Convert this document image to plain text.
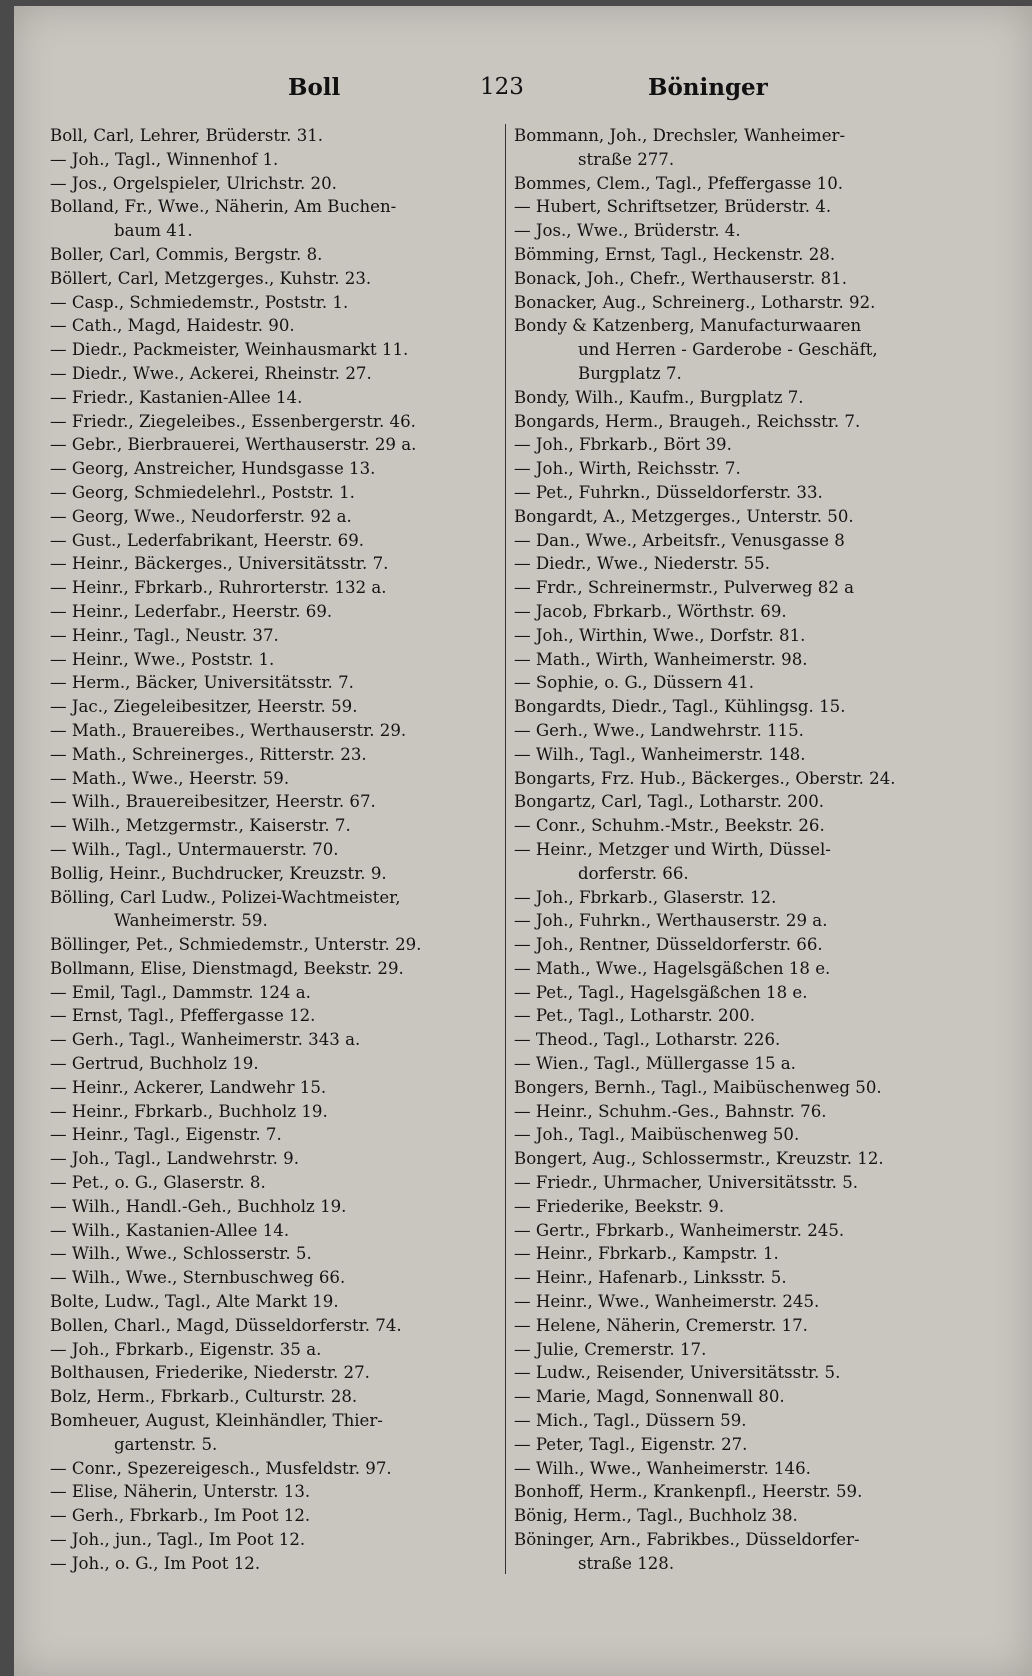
Boll	123	Böninger
Boll, Carl, Lehrer, Brüderstr. 31.
— Joh., Tagl., Winnenhof 1.
— Jos., Orgelspieler, Ulrichstr. 20.
Bolland, Fr., Wwe., Näherin, Am Buchen-
baum 41.
Boller, Carl, Commis, Bergstr. 8.
Böllert, Carl, Metzgerges., Kuhstr. 23.
— Casp., Schmiedemstr., Poststr. 1.
— Cath., Magd, Haidestr. 90.
— Diedr., Packmeister, Weinhausmarkt 11.
— Diedr., Wwe., Ackerei, Rheinstr. 27.
— Friedr., Kastanien-Allee 14.
— Friedr., Ziegeleibes., Essenbergerstr. 46.
— Gebr., Bierbrauerei, Werthauserstr. 29 a.
— Georg, Anstreicher, Hundsgasse 13.
— Georg, Schmiedelehrl., Poststr. 1.
— Georg, Wwe., Neudorferstr. 92 a.
— Gust., Lederfabrikant, Heerstr. 69.
— Heinr., Bäckerges., Universitätsstr. 7.
— Heinr., Fbrkarb., Ruhrorterstr. 132 a.
— Heinr., Lederfabr., Heerstr. 69.
— Heinr., Tagl., Neustr. 37.
— Heinr., Wwe., Poststr. 1.
— Herm., Bäcker, Universitätsstr. 7.
— Jac., Ziegeleibesitzer, Heerstr. 59.
— Math., Brauereibes., Werthauserstr. 29.
— Math., Schreinerges., Ritterstr. 23.
— Math., Wwe., Heerstr. 59.
— Wilh., Brauereibesitzer, Heerstr. 67.
— Wilh., Metzgermstr., Kaiserstr. 7.
— Wilh., Tagl., Untermauerstr. 70.
Bollig, Heinr., Buchdrucker, Kreuzstr. 9.
Bölling, Carl Ludw., Polizei-Wachtmeister,
Wanheimerstr. 59.
Böllinger, Pet., Schmiedemstr., Unterstr. 29.
Bollmann, Elise, Dienstmagd, Beekstr. 29.
— Emil, Tagl., Dammstr. 124 a.
— Ernst, Tagl., Pfeffergasse 12.
— Gerh., Tagl., Wanheimerstr. 343 a.
— Gertrud, Buchholz 19.
— Heinr., Ackerer, Landwehr 15.
— Heinr., Fbrkarb., Buchholz 19.
— Heinr., Tagl., Eigenstr. 7.
— Joh., Tagl., Landwehrstr. 9.
— Pet., o. G., Glaserstr. 8.
— Wilh., Handl.-Geh., Buchholz 19.
— Wilh., Kastanien-Allee 14.
— Wilh., Wwe., Schlosserstr. 5.
— Wilh., Wwe., Sternbuschweg 66.
Bolte, Ludw., Tagl., Alte Markt 19.
Bollen, Charl., Magd, Düsseldorferstr. 74.
— Joh., Fbrkarb., Eigenstr. 35 a.
Bolthausen, Friederike, Niederstr. 27.
Bolz, Herm., Fbrkarb., Culturstr. 28.
Bomheuer, August, Kleinhändler, Thier-
gartenstr. 5.
— Conr., Spezereigesch., Musfeldstr. 97.
— Elise, Näherin, Unterstr. 13.
— Gerh., Fbrkarb., Im Poot 12.
— Joh., jun., Tagl., Im Poot 12.
— Joh., o. G., Im Poot 12.
Bommann, Joh., Drechsler, Wanheimer-
straße 277.
Bommes, Clem., Tagl., Pfeffergasse 10.
— Hubert, Schriftsetzer, Brüderstr. 4.
— Jos., Wwe., Brüderstr. 4.
Bömming, Ernst, Tagl., Heckenstr. 28.
Bonack, Joh., Chefr., Werthauserstr. 81.
Bonacker, Aug., Schreinerg., Lotharstr. 92.
Bondy & Katzenberg, Manufacturwaaren
und Herren - Garderobe - Geschäft,
Burgplatz 7.
Bondy, Wilh., Kaufm., Burgplatz 7.
Bongards, Herm., Braugeh., Reichsstr. 7.
— Joh., Fbrkarb., Bört 39.
— Joh., Wirth, Reichsstr. 7.
— Pet., Fuhrkn., Düsseldorferstr. 33.
Bongardt, A., Metzgerges., Unterstr. 50.
— Dan., Wwe., Arbeitsfr., Venusgasse 8
— Diedr., Wwe., Niederstr. 55.
— Frdr., Schreinermstr., Pulverweg 82 a
— Jacob, Fbrkarb., Wörthstr. 69.
— Joh., Wirthin, Wwe., Dorfstr. 81.
— Math., Wirth, Wanheimerstr. 98.
— Sophie, o. G., Düssern 41.
Bongardts, Diedr., Tagl., Kühlingsg. 15.
— Gerh., Wwe., Landwehrstr. 115.
— Wilh., Tagl., Wanheimerstr. 148.
Bongarts, Frz. Hub., Bäckerges., Oberstr. 24.
Bongartz, Carl, Tagl., Lotharstr. 200.
— Conr., Schuhm.-Mstr., Beekstr. 26.
— Heinr., Metzger und Wirth, Düssel-
dorferstr. 66.
— Joh., Fbrkarb., Glaserstr. 12.
— Joh., Fuhrkn., Werthauserstr. 29 a.
— Joh., Rentner, Düsseldorferstr. 66.
— Math., Wwe., Hagelsgäßchen 18 e.
— Pet., Tagl., Hagelsgäßchen 18 e.
— Pet., Tagl., Lotharstr. 200.
— Theod., Tagl., Lotharstr. 226.
— Wien., Tagl., Müllergasse 15 a.
Bongers, Bernh., Tagl., Maibüschenweg 50.
— Heinr., Schuhm.-Ges., Bahnstr. 76.
— Joh., Tagl., Maibüschenweg 50.
Bongert, Aug., Schlossermstr., Kreuzstr. 12.
— Friedr., Uhrmacher, Universitätsstr. 5.
— Friederike, Beekstr. 9.
— Gertr., Fbrkarb., Wanheimerstr. 245.
— Heinr., Fbrkarb., Kampstr. 1.
— Heinr., Hafenarb., Linksstr. 5.
— Heinr., Wwe., Wanheimerstr. 245.
— Helene, Näherin, Cremerstr. 17.
— Julie, Cremerstr. 17.
— Ludw., Reisender, Universitätsstr. 5.
— Marie, Magd, Sonnenwall 80.
— Mich., Tagl., Düssern 59.
— Peter, Tagl., Eigenstr. 27.
— Wilh., Wwe., Wanheimerstr. 146.
Bonhoff, Herm., Krankenpfl., Heerstr. 59.
Bönig, Herm., Tagl., Buchholz 38.
Böninger, Arn., Fabrikbes., Düsseldorfer-
straße 128.
